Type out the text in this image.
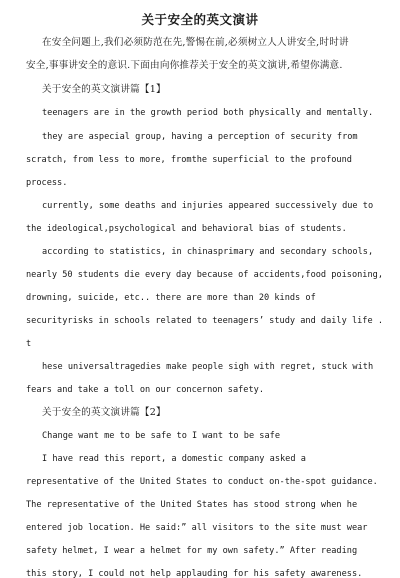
关于安全的英文演讲
在安全问题上,我们必须防范在先,警惕在前,必须树立人人讲安全,时时讲
安全,事事讲安全的意识.下面由向你推荐关于安全的英文演讲,希望你满意.
关于安全的英文演讲篇【1】
teenagers are in the growth period both physically and mentally.
they are aspecial group, having a perception of security from
scratch, from less to more, fromthe superficial to the profound
process.
currently, some deaths and injuries appeared successively due to
the ideological,psychological and behavioral bias of students.
according to statistics, in chinasprimary and secondary schools,
nearly 50 students die every day because of accidents,food poisoning,
drowning, suicide, etc.. there are more than 20 kinds of
securityrisks in schools related to teenagers’ study and daily life .
t
hese universaltragedies make people sigh with regret, stuck with
fears and take a toll on our concernon safety.
关于安全的英文演讲篇【2】
Change want me to be safe to I want to be safe
I have read this report, a domestic company asked a
representative of the United States to conduct on-the-spot guidance.
The representative of the United States has stood strong when he
entered job location. He said:” all visitors to the site must wear
safety helmet, I wear a helmet for my own safety.” After reading
this story, I could not help applauding for his safety awareness.
